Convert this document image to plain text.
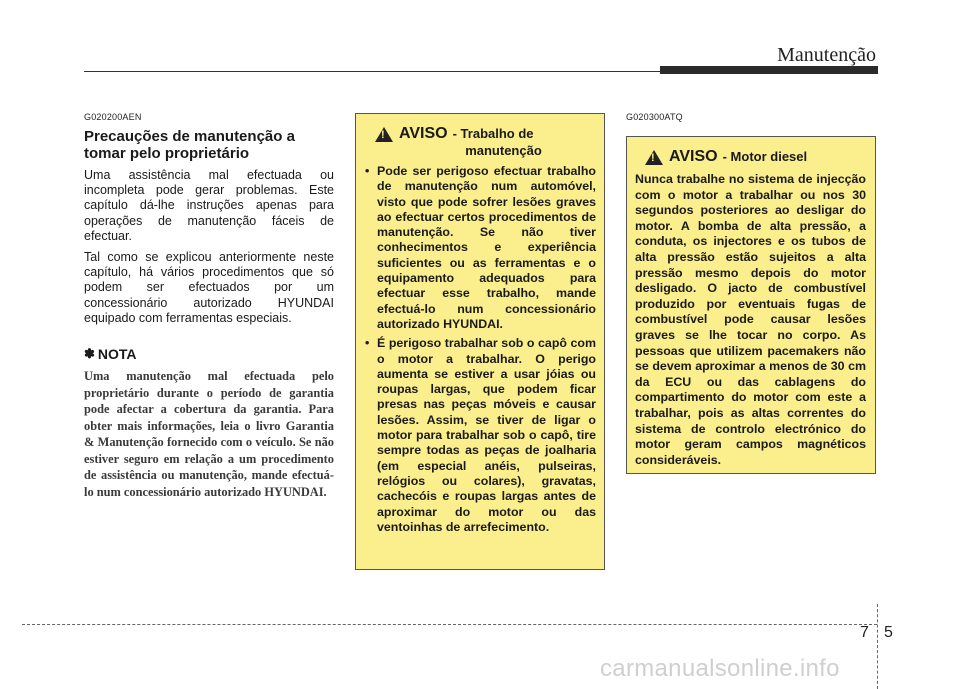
Manutenção
G020200AEN
Precauções de manutenção a tomar pelo proprietário

Uma assistência mal efectuada ou incompleta pode gerar problemas. Este capítulo dá-lhe instruções apenas para operações de manutenção fáceis de efectuar.

Tal como se explicou anteriormente neste capítulo, há vários procedimentos que só podem ser efectuados por um concessionário autorizado HYUNDAI equipado com ferramentas especiais.

✽ NOTA

Uma manutenção mal efectuada pelo proprietário durante o período de garantia pode afectar a cobertura da garantia. Para obter mais informações, leia o livro Garantia & Manutenção fornecido com o veículo. Se não estiver seguro em relação a um procedimento de assistência ou manutenção, mande efectuá-lo num concessionário autorizado HYUNDAI.

!
AVISO - Trabalho de
manutenção
• Pode ser perigoso efectuar trabalho de manutenção num automóvel, visto que pode sofrer lesões graves ao efectuar certos procedimentos de manutenção. Se não tiver conhecimentos e experiência suficientes ou as ferramentas e o equipamento adequados para efectuar esse trabalho, mande efectuá-lo num concessionário autorizado HYUNDAI.
• É perigoso trabalhar sob o capô com o motor a trabalhar. O perigo aumenta se estiver a usar jóias ou roupas largas, que podem ficar presas nas peças móveis e causar lesões. Assim, se tiver de ligar o motor para trabalhar sob o capô, tire sempre todas as peças de joalharia (em especial anéis, pulseiras, relógios ou colares), gravatas, cachecóis e roupas largas antes de aproximar do motor ou das ventoinhas de arrefecimento.
G020300ATQ
!
AVISO - Motor diesel

Nunca trabalhe no sistema de injecção com o motor a trabalhar ou nos 30 segundos posteriores ao desligar do motor. A bomba de alta pressão, a conduta, os injectores e os tubos de alta pressão estão sujeitos a alta pressão mesmo depois do motor desligado. O jacto de combustível produzido por eventuais fugas de combustível pode causar lesões graves se lhe tocar no corpo. As pessoas que utilizem pacemakers não se devem aproximar a menos de 30 cm da ECU ou das cablagens do compartimento do motor com este a trabalhar, pois as altas correntes do sistema de controlo electrónico do motor geram campos magnéticos consideráveis.

7 5
carmanualsonline.info
